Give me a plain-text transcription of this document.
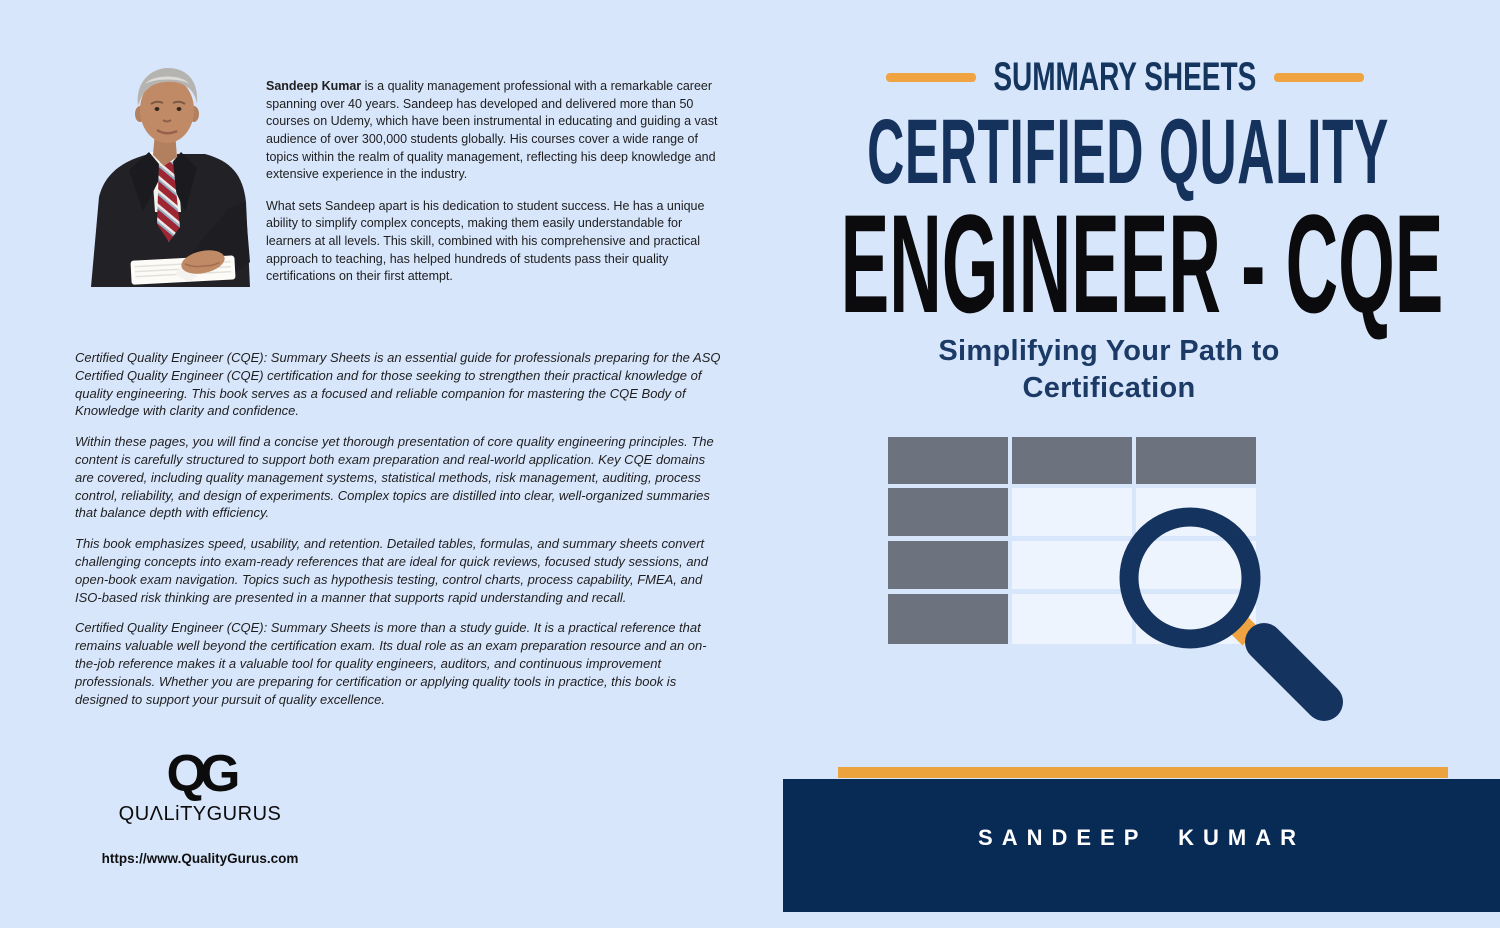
Sandeep Kumar is a quality management professional with a remarkable career spanning over 40 years. Sandeep has developed and delivered more than 50 courses on Udemy, which have been instrumental in educating and guiding a vast audience of over 300,000 students globally. His courses cover a wide range of topics within the realm of quality management, reflecting his deep knowledge and extensive experience in the industry.

What sets Sandeep apart is his dedication to student success. He has a unique ability to simplify complex concepts, making them easily understandable for learners at all levels. This skill, combined with his comprehensive and practical approach to teaching, has helped hundreds of students pass their quality certifications on their first attempt.

Certified Quality Engineer (CQE): Summary Sheets is an essential guide for professionals preparing for the ASQ Certified Quality Engineer (CQE) certification and for those seeking to strengthen their practical knowledge of quality engineering. This book serves as a focused and reliable companion for mastering the CQE Body of Knowledge with clarity and confidence.

Within these pages, you will find a concise yet thorough presentation of core quality engineering principles. The content is carefully structured to support both exam preparation and real-world application. Key CQE domains are covered, including quality management systems, statistical methods, risk management, auditing, process control, reliability, and design of experiments. Complex topics are distilled into clear, well-organized summaries that balance depth with efficiency.

This book emphasizes speed, usability, and retention. Detailed tables, formulas, and summary sheets convert challenging concepts into exam-ready references that are ideal for quick reviews, focused study sessions, and open-book exam navigation. Topics such as hypothesis testing, control charts, process capability, FMEA, and ISO-based risk thinking are presented in a manner that supports rapid understanding and recall.

Certified Quality Engineer (CQE): Summary Sheets is more than a study guide. It is a practical reference that remains valuable well beyond the certification exam. Its dual role as an exam preparation resource and an on-the-job reference makes it a valuable tool for quality engineers, auditors, and continuous improvement professionals. Whether you are preparing for certification or applying quality tools in practice, this book is designed to support your pursuit of quality excellence.

QG
QUΛLiTYGURUS
https://www.QualityGurus.com
SUMMARY SHEETS
CERTIFIED QUALITY
ENGINEER - CQE
Simplifying Your Path to
Certification
SANDEEP KUMAR
